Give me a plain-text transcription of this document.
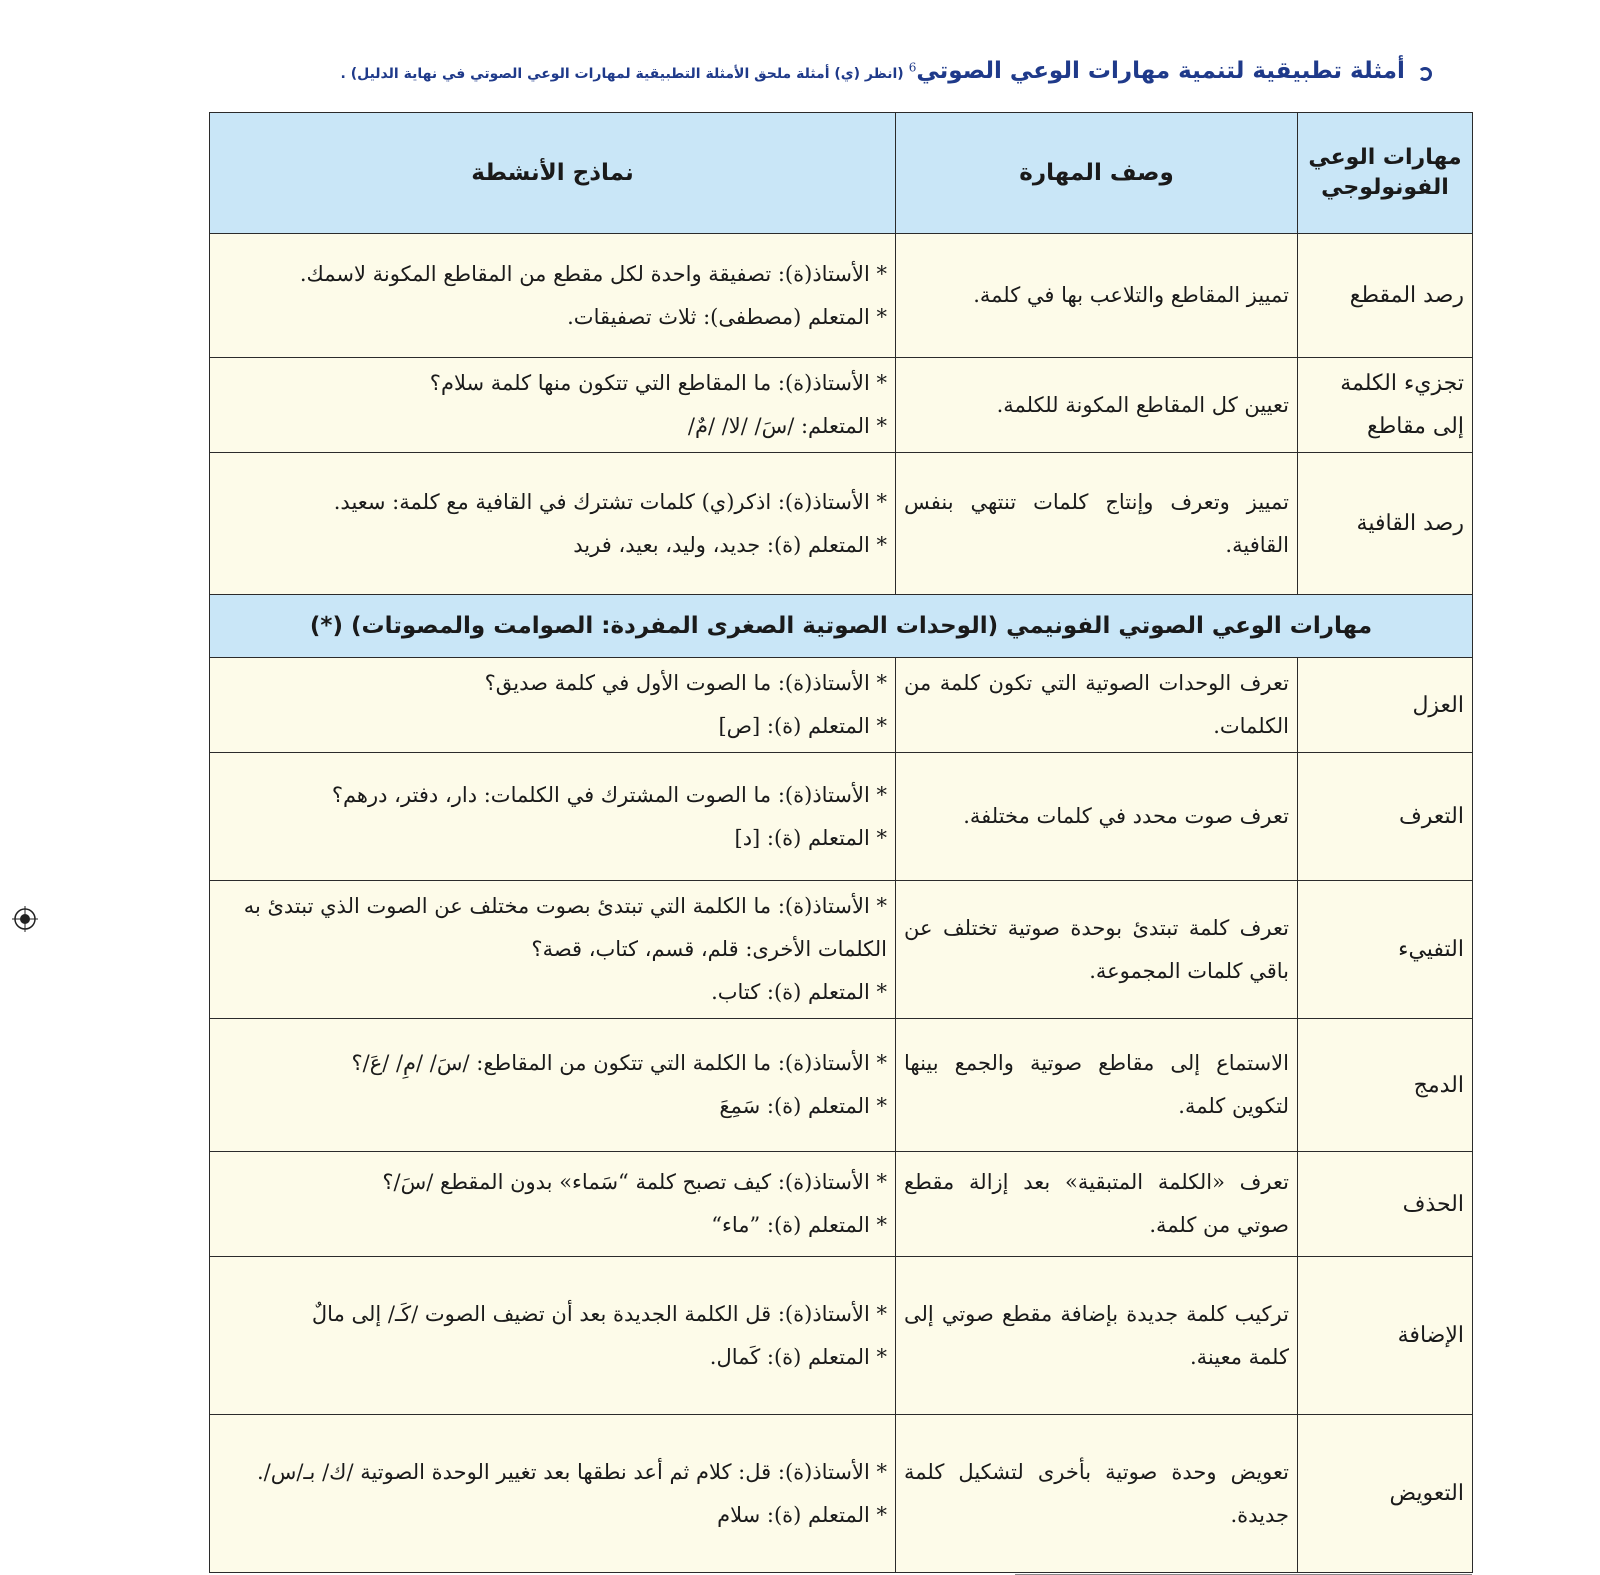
أمثلة تطبيقية لتنمية مهارات الوعي الصوتي$^6$ (انظر (ي) أمثلة ملحق الأمثلة التطبيقية لمهارات الوعي الصوتي في نهاية الدليل) .
مهارات الوعي الفونولوجي	وصف المهارة	نماذج الأنشطة
رصد المقطع	تمييز المقاطع والتلاعب بها في كلمة.	* الأستاذ(ة): تصفيقة واحدة لكل مقطع من المقاطع المكونة لاسمك.
* المتعلم (مصطفى): ثلاث تصفيقات.

تجزيء الكلمة إلى مقاطع	تعيين كل المقاطع المكونة للكلمة.	* الأستاذ(ة): ما المقاطع التي تتكون منها كلمة سلام؟
* المتعلم: /سَ/ /لا/ /مٌ/

رصد القافية	تمييز وتعرف وإنتاج كلمات تنتهي بنفس القافية.	* الأستاذ(ة): اذكر(ي) كلمات تشترك في القافية مع كلمة: سعيد.
* المتعلم (ة): جديد، وليد، بعيد، فريد

مهارات الوعي الصوتي الفونيمي (الوحدات الصوتية الصغرى المفردة: الصوامت والمصوتات) (*)		
العزل	تعرف الوحدات الصوتية التي تكون كلمة من الكلمات.	* الأستاذ(ة): ما الصوت الأول في كلمة صديق؟
* المتعلم (ة): [ص]

التعرف	تعرف صوت محدد في كلمات مختلفة.	* الأستاذ(ة): ما الصوت المشترك في الكلمات: دار، دفتر، درهم؟
* المتعلم (ة): [د]

التفييء	تعرف كلمة تبتدئ بوحدة صوتية تختلف عن باقي كلمات المجموعة.	* الأستاذ(ة): ما الكلمة التي تبتدئ بصوت مختلف عن الصوت الذي تبتدئ به الكلمات الأخرى: قلم، قسم، كتاب، قصة؟
* المتعلم (ة): كتاب.

الدمج	الاستماع إلى مقاطع صوتية والجمع بينها لتكوين كلمة.	* الأستاذ(ة): ما الكلمة التي تتكون من المقاطع: /سَ/ /مِ/ /عَ/؟
* المتعلم (ة): سَمِعَ

الحذف	تعرف «الكلمة المتبقية» بعد إزالة مقطع صوتي من كلمة.	* الأستاذ(ة): كيف تصبح كلمة “سَماء» بدون المقطع /سَ/؟
* المتعلم (ة): ”ماء“

الإضافة	تركيب كلمة جديدة بإضافة مقطع صوتي إلى كلمة معينة.	* الأستاذ(ة): قل الكلمة الجديدة بعد أن تضيف الصوت /كَـ/ إلى مالٌ
* المتعلم (ة): كَمال.

التعويض	تعويض وحدة صوتية بأخرى لتشكيل كلمة جديدة.	* الأستاذ(ة): قل: كلام ثم أعد نطقها بعد تغيير الوحدة الصوتية /ك/ بـ/س/.
* المتعلم (ة): سلام
